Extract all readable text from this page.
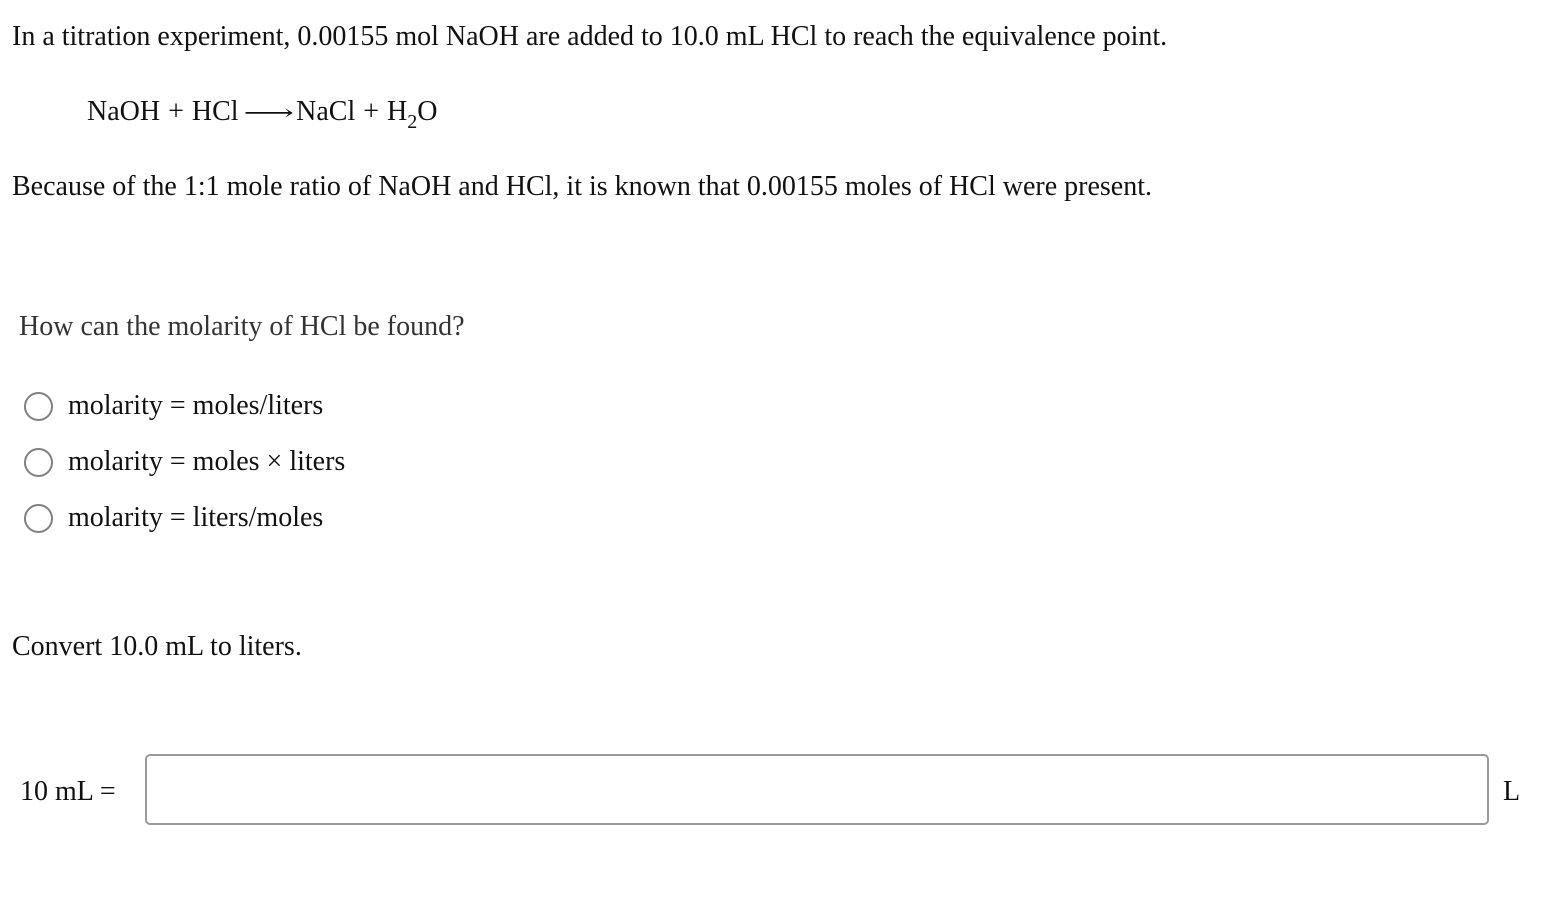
In a titration experiment, 0.00155 mol NaOH are added to 10.0 mL HCl to reach the equivalence point.
NaOH + HCl ⟶NaCl + $H_2O$
Because of the 1:1 mole ratio of NaOH and HCl, it is known that 0.00155 moles of HCl were present.
How can the molarity of HCl be found?
molarity = moles/liters
molarity = moles × liters
molarity = liters/moles
Convert 10.0 mL to liters.
10 mL =	L
